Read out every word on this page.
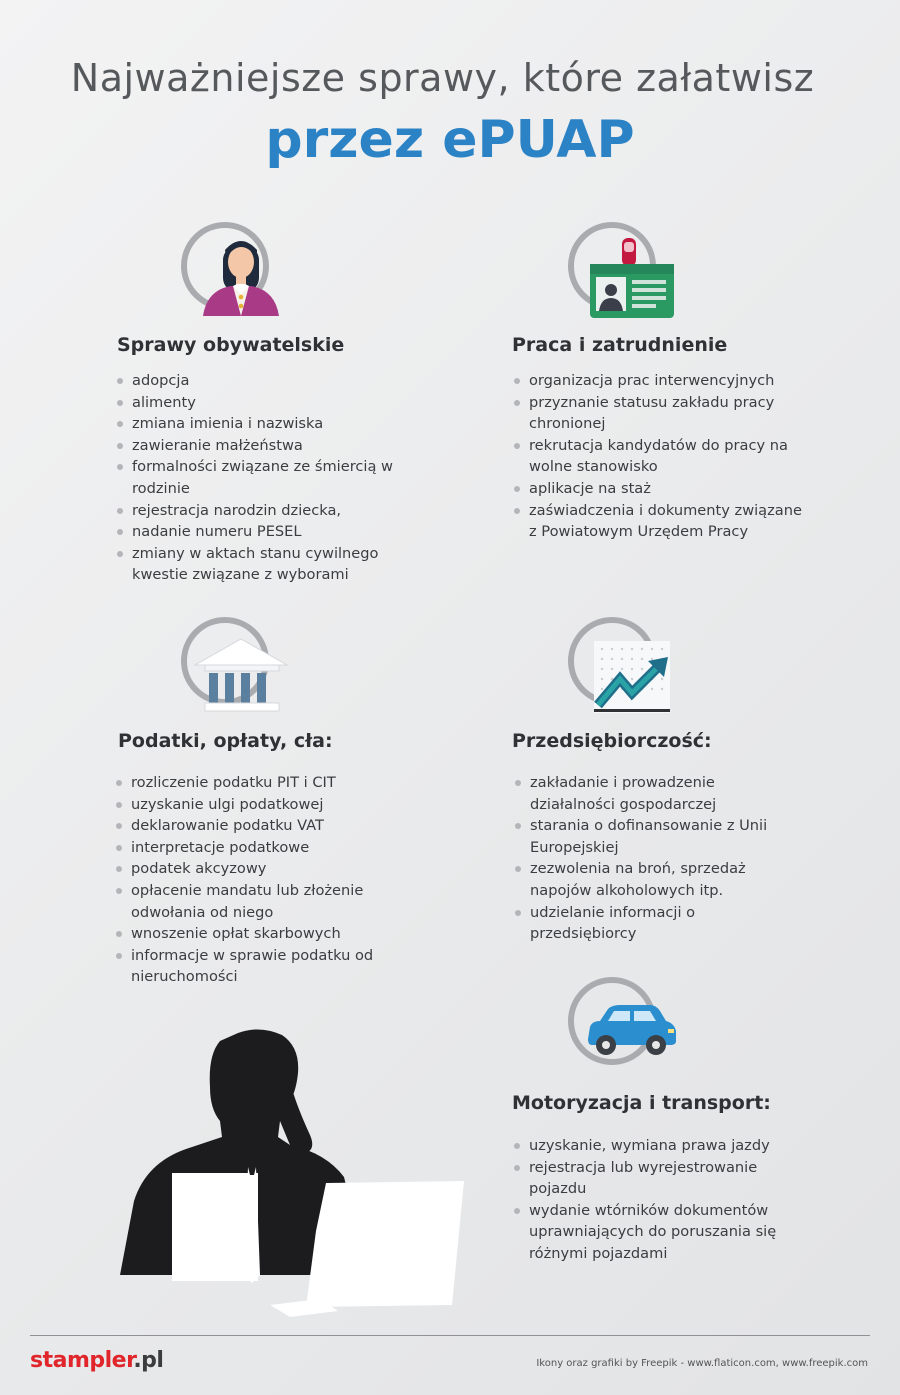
Najważniejsze sprawy, które załatwisz
przez ePUAP
Sprawy obywatelskie
adopcja
alimenty
zmiana imienia i nazwiska
zawieranie małżeństwa
formalności związane ze śmiercią w rodzinie
rejestracja narodzin dziecka,
nadanie numeru PESEL
zmiany w aktach stanu cywilnego kwestie związane z wyborami
Praca i zatrudnienie
organizacja prac interwencyjnych
przyznanie statusu zakładu pracy chronionej
rekrutacja kandydatów do pracy na wolne stanowisko
aplikacje na staż
zaświadczenia i dokumenty związane z Powiatowym Urzędem Pracy
Podatki, opłaty, cła:
rozliczenie podatku PIT i CIT
uzyskanie ulgi podatkowej
deklarowanie podatku VAT
interpretacje podatkowe
podatek akcyzowy
opłacenie mandatu lub złożenie odwołania od niego
wnoszenie opłat skarbowych
informacje w sprawie podatku od nieruchomości
Przedsiębiorczość:
zakładanie i prowadzenie działalności gospodarczej
starania o dofinansowanie z Unii Europejskiej
zezwolenia na broń, sprzedaż napojów alkoholowych itp.
udzielanie informacji o przedsiębiorcy
Motoryzacja i transport:
uzyskanie, wymiana prawa jazdy
rejestracja lub wyrejestrowanie pojazdu
wydanie wtórników dokumentów uprawniających do poruszania się różnymi pojazdami
stampler.pl	Ikony oraz grafiki by Freepik - www.flaticon.com, www.freepik.com
